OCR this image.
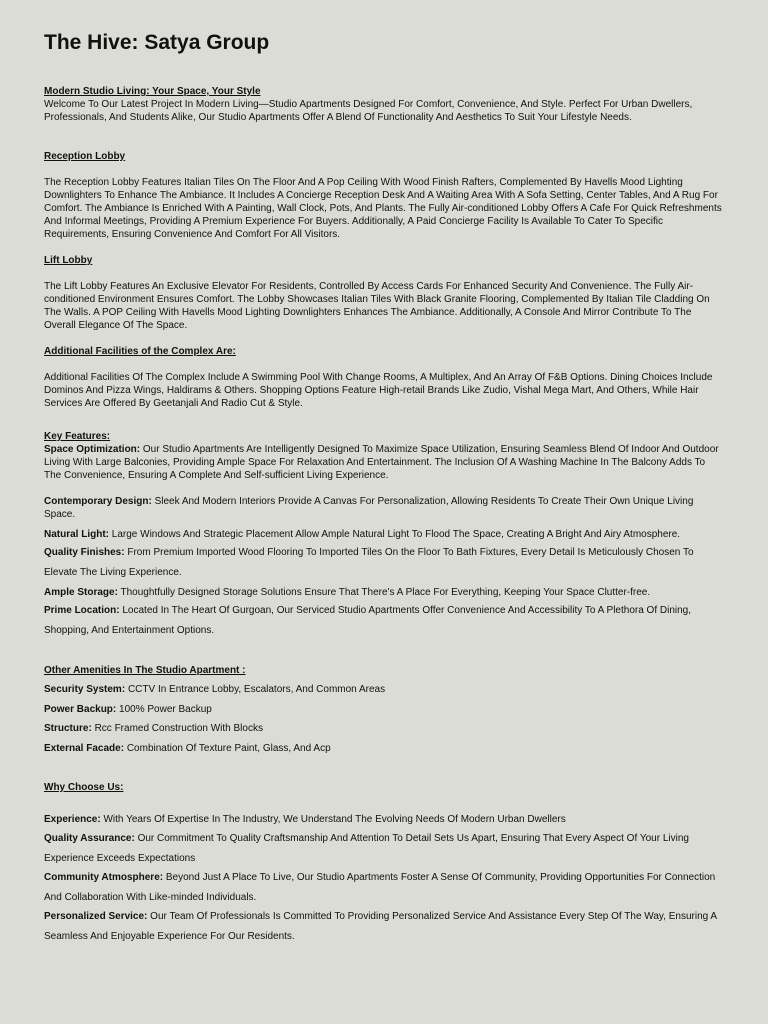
The Hive: Satya Group

Modern Studio Living: Your Space, Your Style

Welcome To Our Latest Project In Modern Living—Studio Apartments Designed For Comfort, Convenience, And Style. Perfect For Urban Dwellers, Professionals, And Students Alike, Our Studio Apartments Offer A Blend Of Functionality And Aesthetics To Suit Your Lifestyle Needs.

Reception Lobby

The Reception Lobby Features Italian Tiles On The Floor And A Pop Ceiling With Wood Finish Rafters, Complemented By Havells Mood Lighting Downlighters To Enhance The Ambiance. It Includes A Concierge Reception Desk And A Waiting Area With A Sofa Setting, Center Tables, And A Rug For Comfort. The Ambiance Is Enriched With A Painting, Wall Clock, Pots, And Plants. The Fully Air-conditioned Lobby Offers A Cafe For Quick Refreshments And Informal Meetings, Providing A Premium Experience For Buyers. Additionally, A Paid Concierge Facility Is Available To Cater To Specific Requirements, Ensuring Convenience And Comfort For All Visitors.

Lift Lobby

The Lift Lobby Features An Exclusive Elevator For Residents, Controlled By Access Cards For Enhanced Security And Convenience. The Fully Air-conditioned Environment Ensures Comfort. The Lobby Showcases Italian Tiles With Black Granite Flooring, Complemented By Italian Tile Cladding On The Walls. A POP Ceiling With Havells Mood Lighting Downlighters Enhances The Ambiance. Additionally, A Console And Mirror Contribute To The Overall Elegance Of The Space.

Additional Facilities of the Complex Are:

Additional Facilities Of The Complex Include A Swimming Pool With Change Rooms, A Multiplex, And An Array Of F&B Options. Dining Choices Include Dominos And Pizza Wings, Haldirams & Others. Shopping Options Feature High-retail Brands Like Zudio, Vishal Mega Mart, And Others, While Hair Services Are Offered By Geetanjali And Radio Cut & Style.

Key Features:

Space Optimization: Our Studio Apartments Are Intelligently Designed To Maximize Space Utilization, Ensuring Seamless Blend Of Indoor And Outdoor Living With Large Balconies, Providing Ample Space For Relaxation And Entertainment. The Inclusion Of A Washing Machine In The Balcony Adds To The Convenience, Ensuring A Complete And Self-sufficient Living Experience.

Contemporary Design: Sleek And Modern Interiors Provide A Canvas For Personalization, Allowing Residents To Create Their Own Unique Living Space.

Natural Light: Large Windows And Strategic Placement Allow Ample Natural Light To Flood The Space, Creating A Bright And Airy Atmosphere.

Quality Finishes: From Premium Imported Wood Flooring To Imported Tiles On the Floor To Bath Fixtures, Every Detail Is Meticulously Chosen To Elevate The Living Experience.

Ample Storage: Thoughtfully Designed Storage Solutions Ensure That There's A Place For Everything, Keeping Your Space Clutter-free.

Prime Location: Located In The Heart Of Gurgoan, Our Serviced Studio Apartments Offer Convenience And Accessibility To A Plethora Of Dining, Shopping, And Entertainment Options.

Other Amenities In The Studio Apartment :

Security System: CCTV In Entrance Lobby, Escalators, And Common Areas

Power Backup: 100% Power Backup

Structure: Rcc Framed Construction With Blocks

External Facade: Combination Of Texture Paint, Glass, And Acp

Why Choose Us:

Experience: With Years Of Expertise In The Industry, We Understand The Evolving Needs Of Modern Urban Dwellers

Quality Assurance: Our Commitment To Quality Craftsmanship And Attention To Detail Sets Us Apart, Ensuring That Every Aspect Of Your Living Experience Exceeds Expectations

Community Atmosphere: Beyond Just A Place To Live, Our Studio Apartments Foster A Sense Of Community, Providing Opportunities For Connection And Collaboration With Like-minded Individuals.

Personalized Service: Our Team Of Professionals Is Committed To Providing Personalized Service And Assistance Every Step Of The Way, Ensuring A Seamless And Enjoyable Experience For Our Residents.
